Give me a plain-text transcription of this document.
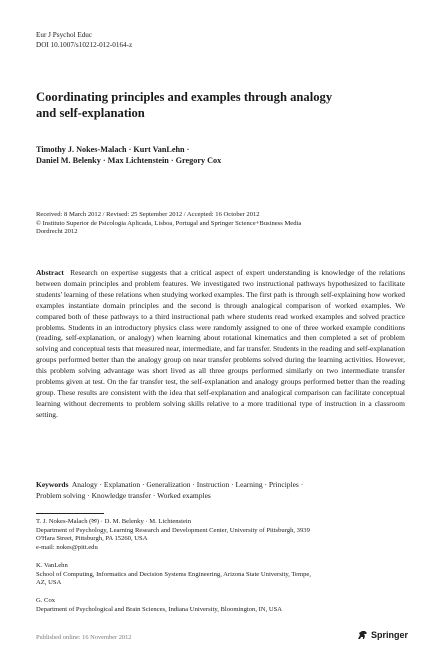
Eur J Psychol Educ
DOI 10.1007/s10212-012-0164-z
Coordinating principles and examples through analogy
and self-explanation
Timothy J. Nokes-Malach · Kurt VanLehn ·
Daniel M. Belenky · Max Lichtenstein · Gregory Cox
Received: 8 March 2012 / Revised: 25 September 2012 / Accepted: 16 October 2012
© Instituto Superior de Psicologia Aplicada, Lisboa, Portugal and Springer Science+Business Media
Dordrecht 2012
Abstract Research on expertise suggests that a critical aspect of expert understanding is knowledge of the relations between domain principles and problem features. We investigated two instructional pathways hypothesized to facilitate students' learning of these relations when studying worked examples. The first path is through self-explaining how worked examples instantiate domain principles and the second is through analogical comparison of worked examples. We compared both of these pathways to a third instructional path where students read worked examples and solved practice problems. Students in an introductory physics class were randomly assigned to one of three worked example conditions (reading, self-explanation, or analogy) when learning about rotational kinematics and then completed a set of problem solving and conceptual tests that measured near, intermediate, and far transfer. Students in the reading and self-explanation groups performed better than the analogy group on near transfer problems solved during the learning activities. However, this problem solving advantage was short lived as all three groups performed similarly on two intermediate transfer problems given at test. On the far transfer test, the self-explanation and analogy groups performed better than the reading group. These results are consistent with the idea that self-explanation and analogical comparison can facilitate conceptual learning without decrements to problem solving skills relative to a more traditional type of instruction in a classroom setting.
Keywords Analogy · Explanation · Generalization · Instruction · Learning · Principles ·
Problem solving · Knowledge transfer · Worked examples
T. J. Nokes-Malach (✉) · D. M. Belenky · M. Lichtenstein
Department of Psychology, Learning Research and Development Center, University of Pittsburgh, 3939
O'Hara Street, Pittsburgh, PA 15260, USA
e-mail: nokes@pitt.edu
K. VanLehn
School of Computing, Informatics and Decision Systems Engineering, Arizona State University, Tempe,
AZ, USA
G. Cox
Department of Psychological and Brain Sciences, Indiana University, Bloomington, IN, USA
Published online: 16 November 2012	Springer
